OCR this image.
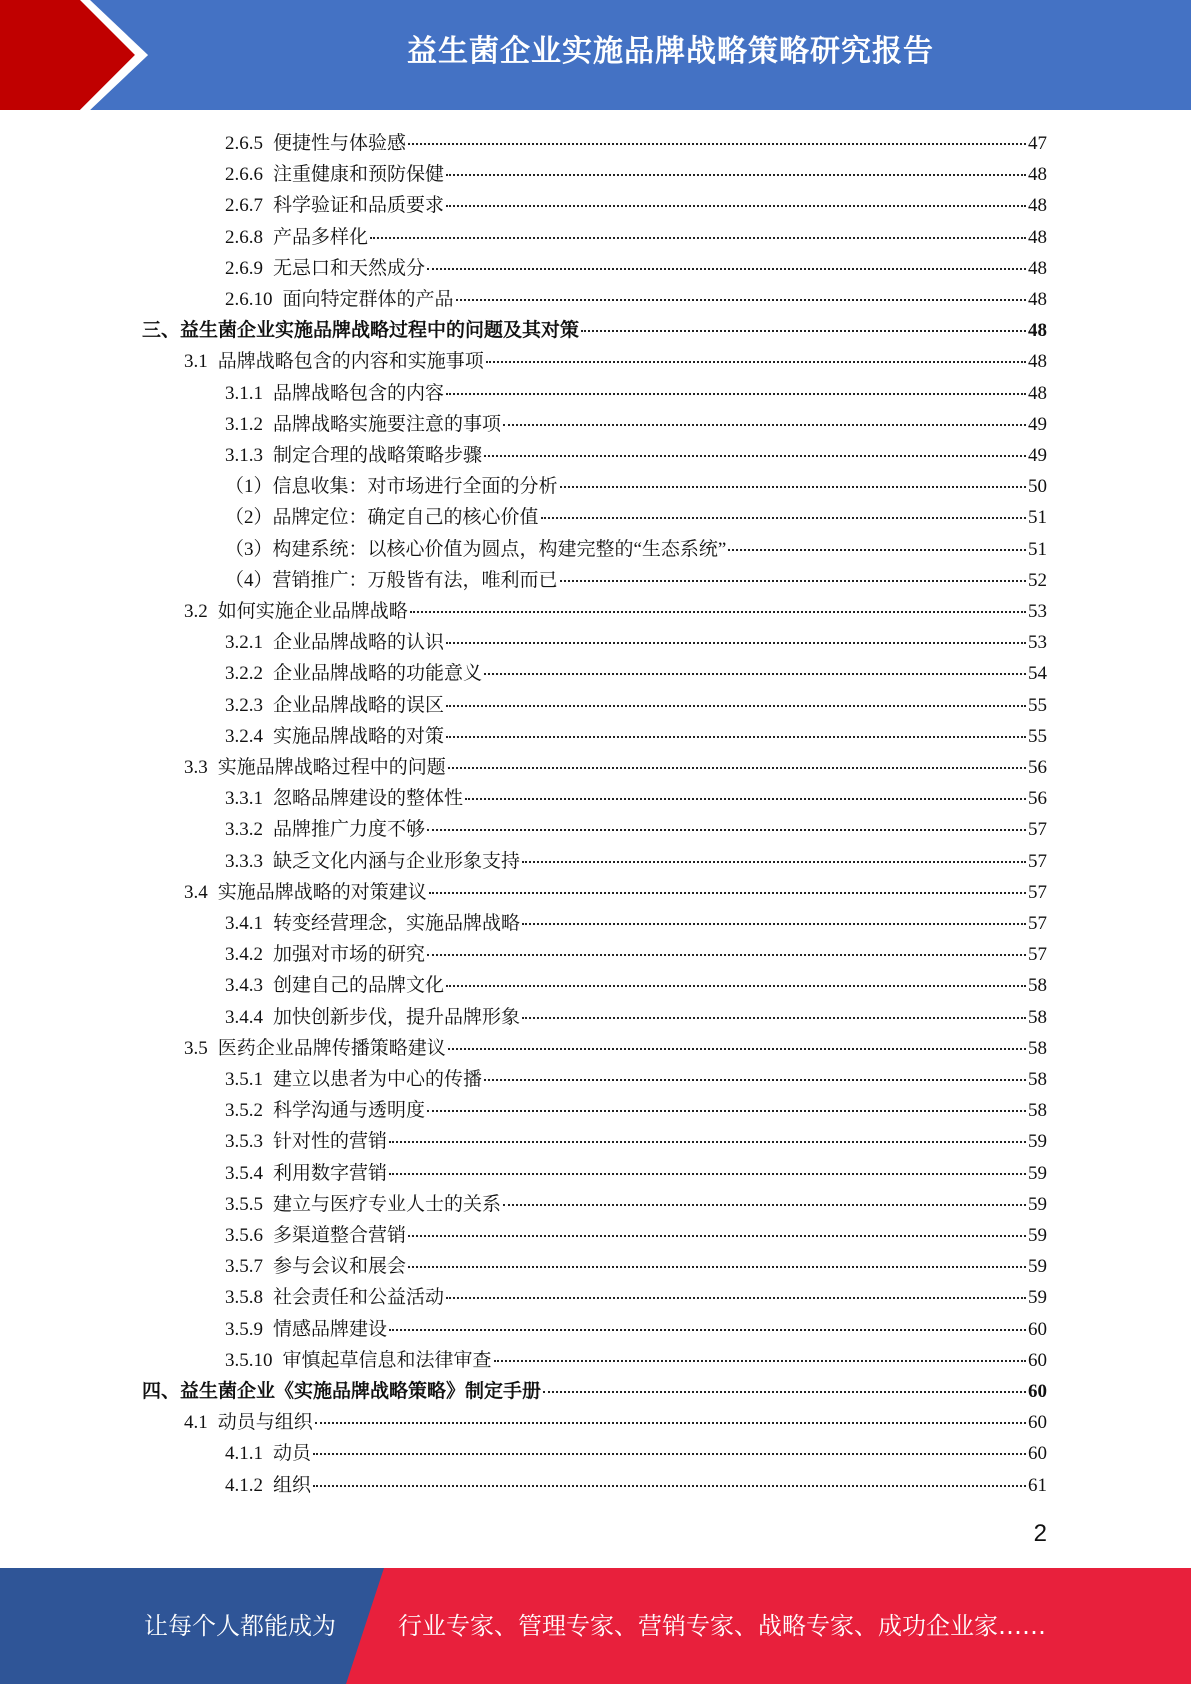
益生菌企业实施品牌战略策略研究报告
2.6.5 便捷性与体验感	47
2.6.6 注重健康和预防保健	48
2.6.7 科学验证和品质要求	48
2.6.8 产品多样化	48
2.6.9 无忌口和天然成分	48
2.6.10 面向特定群体的产品	48
三、益生菌企业实施品牌战略过程中的问题及其对策	48
3.1 品牌战略包含的内容和实施事项	48
3.1.1 品牌战略包含的内容	48
3.1.2 品牌战略实施要注意的事项	49
3.1.3 制定合理的战略策略步骤	49
（1）信息收集：对市场进行全面的分析	50
（2）品牌定位：确定自己的核心价值	51
（3）构建系统：以核心价值为圆点，构建完整的“生态系统”	51
（4）营销推广：万般皆有法，唯利而已	52
3.2 如何实施企业品牌战略	53
3.2.1 企业品牌战略的认识	53
3.2.2 企业品牌战略的功能意义	54
3.2.3 企业品牌战略的误区	55
3.2.4 实施品牌战略的对策	55
3.3 实施品牌战略过程中的问题	56
3.3.1 忽略品牌建设的整体性	56
3.3.2 品牌推广力度不够	57
3.3.3 缺乏文化内涵与企业形象支持	57
3.4 实施品牌战略的对策建议	57
3.4.1 转变经营理念，实施品牌战略	57
3.4.2 加强对市场的研究	57
3.4.3 创建自己的品牌文化	58
3.4.4 加快创新步伐，提升品牌形象	58
3.5 医药企业品牌传播策略建议	58
3.5.1 建立以患者为中心的传播	58
3.5.2 科学沟通与透明度	58
3.5.3 针对性的营销	59
3.5.4 利用数字营销	59
3.5.5 建立与医疗专业人士的关系	59
3.5.6 多渠道整合营销	59
3.5.7 参与会议和展会	59
3.5.8 社会责任和公益活动	59
3.5.9 情感品牌建设	60
3.5.10 审慎起草信息和法律审查	60
四、益生菌企业《实施品牌战略策略》制定手册	60
4.1 动员与组织	60
4.1.1 动员	60
4.1.2 组织	61
2
让每个人都能成为	行业专家、管理专家、营销专家、战略专家、成功企业家……
